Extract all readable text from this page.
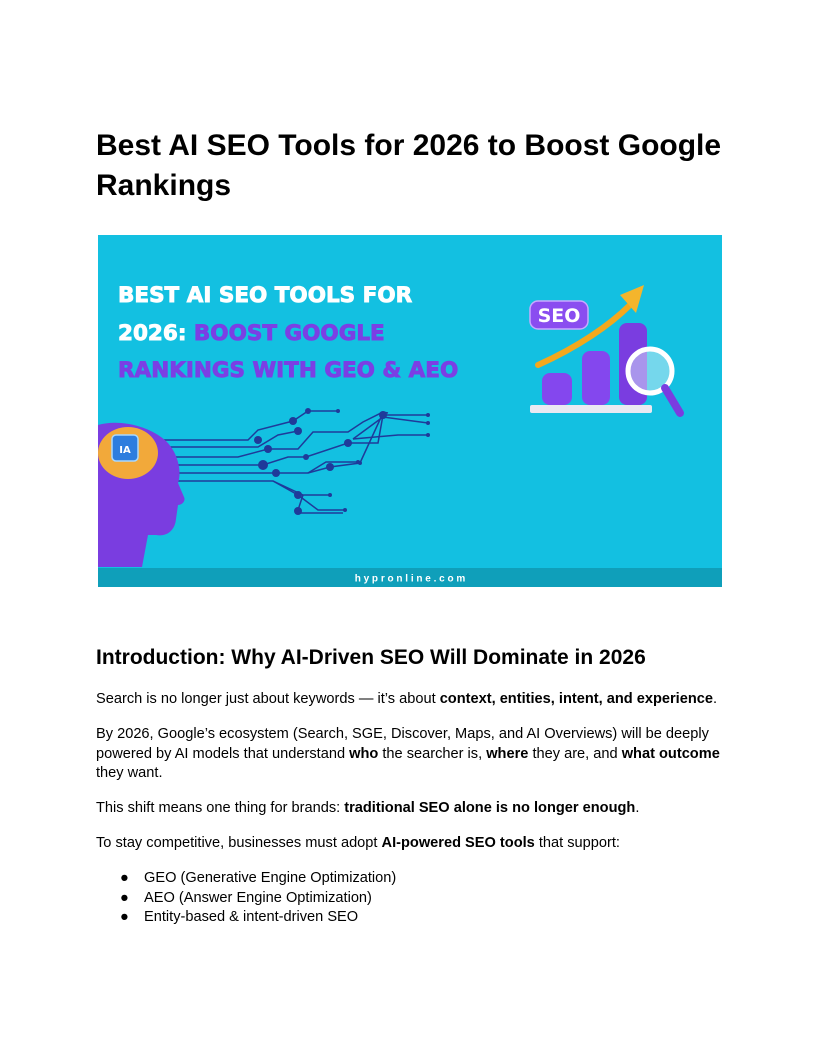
Best AI SEO Tools for 2026 to Boost Google Rankings
h y p r o n l i n e . c o m
BEST AI SEO TOOLS FOR
2026: BOOST GOOGLE
RANKINGS WITH GEO & AEO
SEO
IA
Introduction: Why AI-Driven SEO Will Dominate in 2026

Search is no longer just about keywords — it’s about context, entities, intent, and experience.

By 2026, Google’s ecosystem (Search, SGE, Discover, Maps, and AI Overviews) will be deeply powered by AI models that understand who the searcher is, where they are, and what outcome they want.

This shift means one thing for brands: traditional SEO alone is no longer enough.

To stay competitive, businesses must adopt AI-powered SEO tools that support:

● GEO (Generative Engine Optimization)
● AEO (Answer Engine Optimization)
● Entity-based & intent-driven SEO
